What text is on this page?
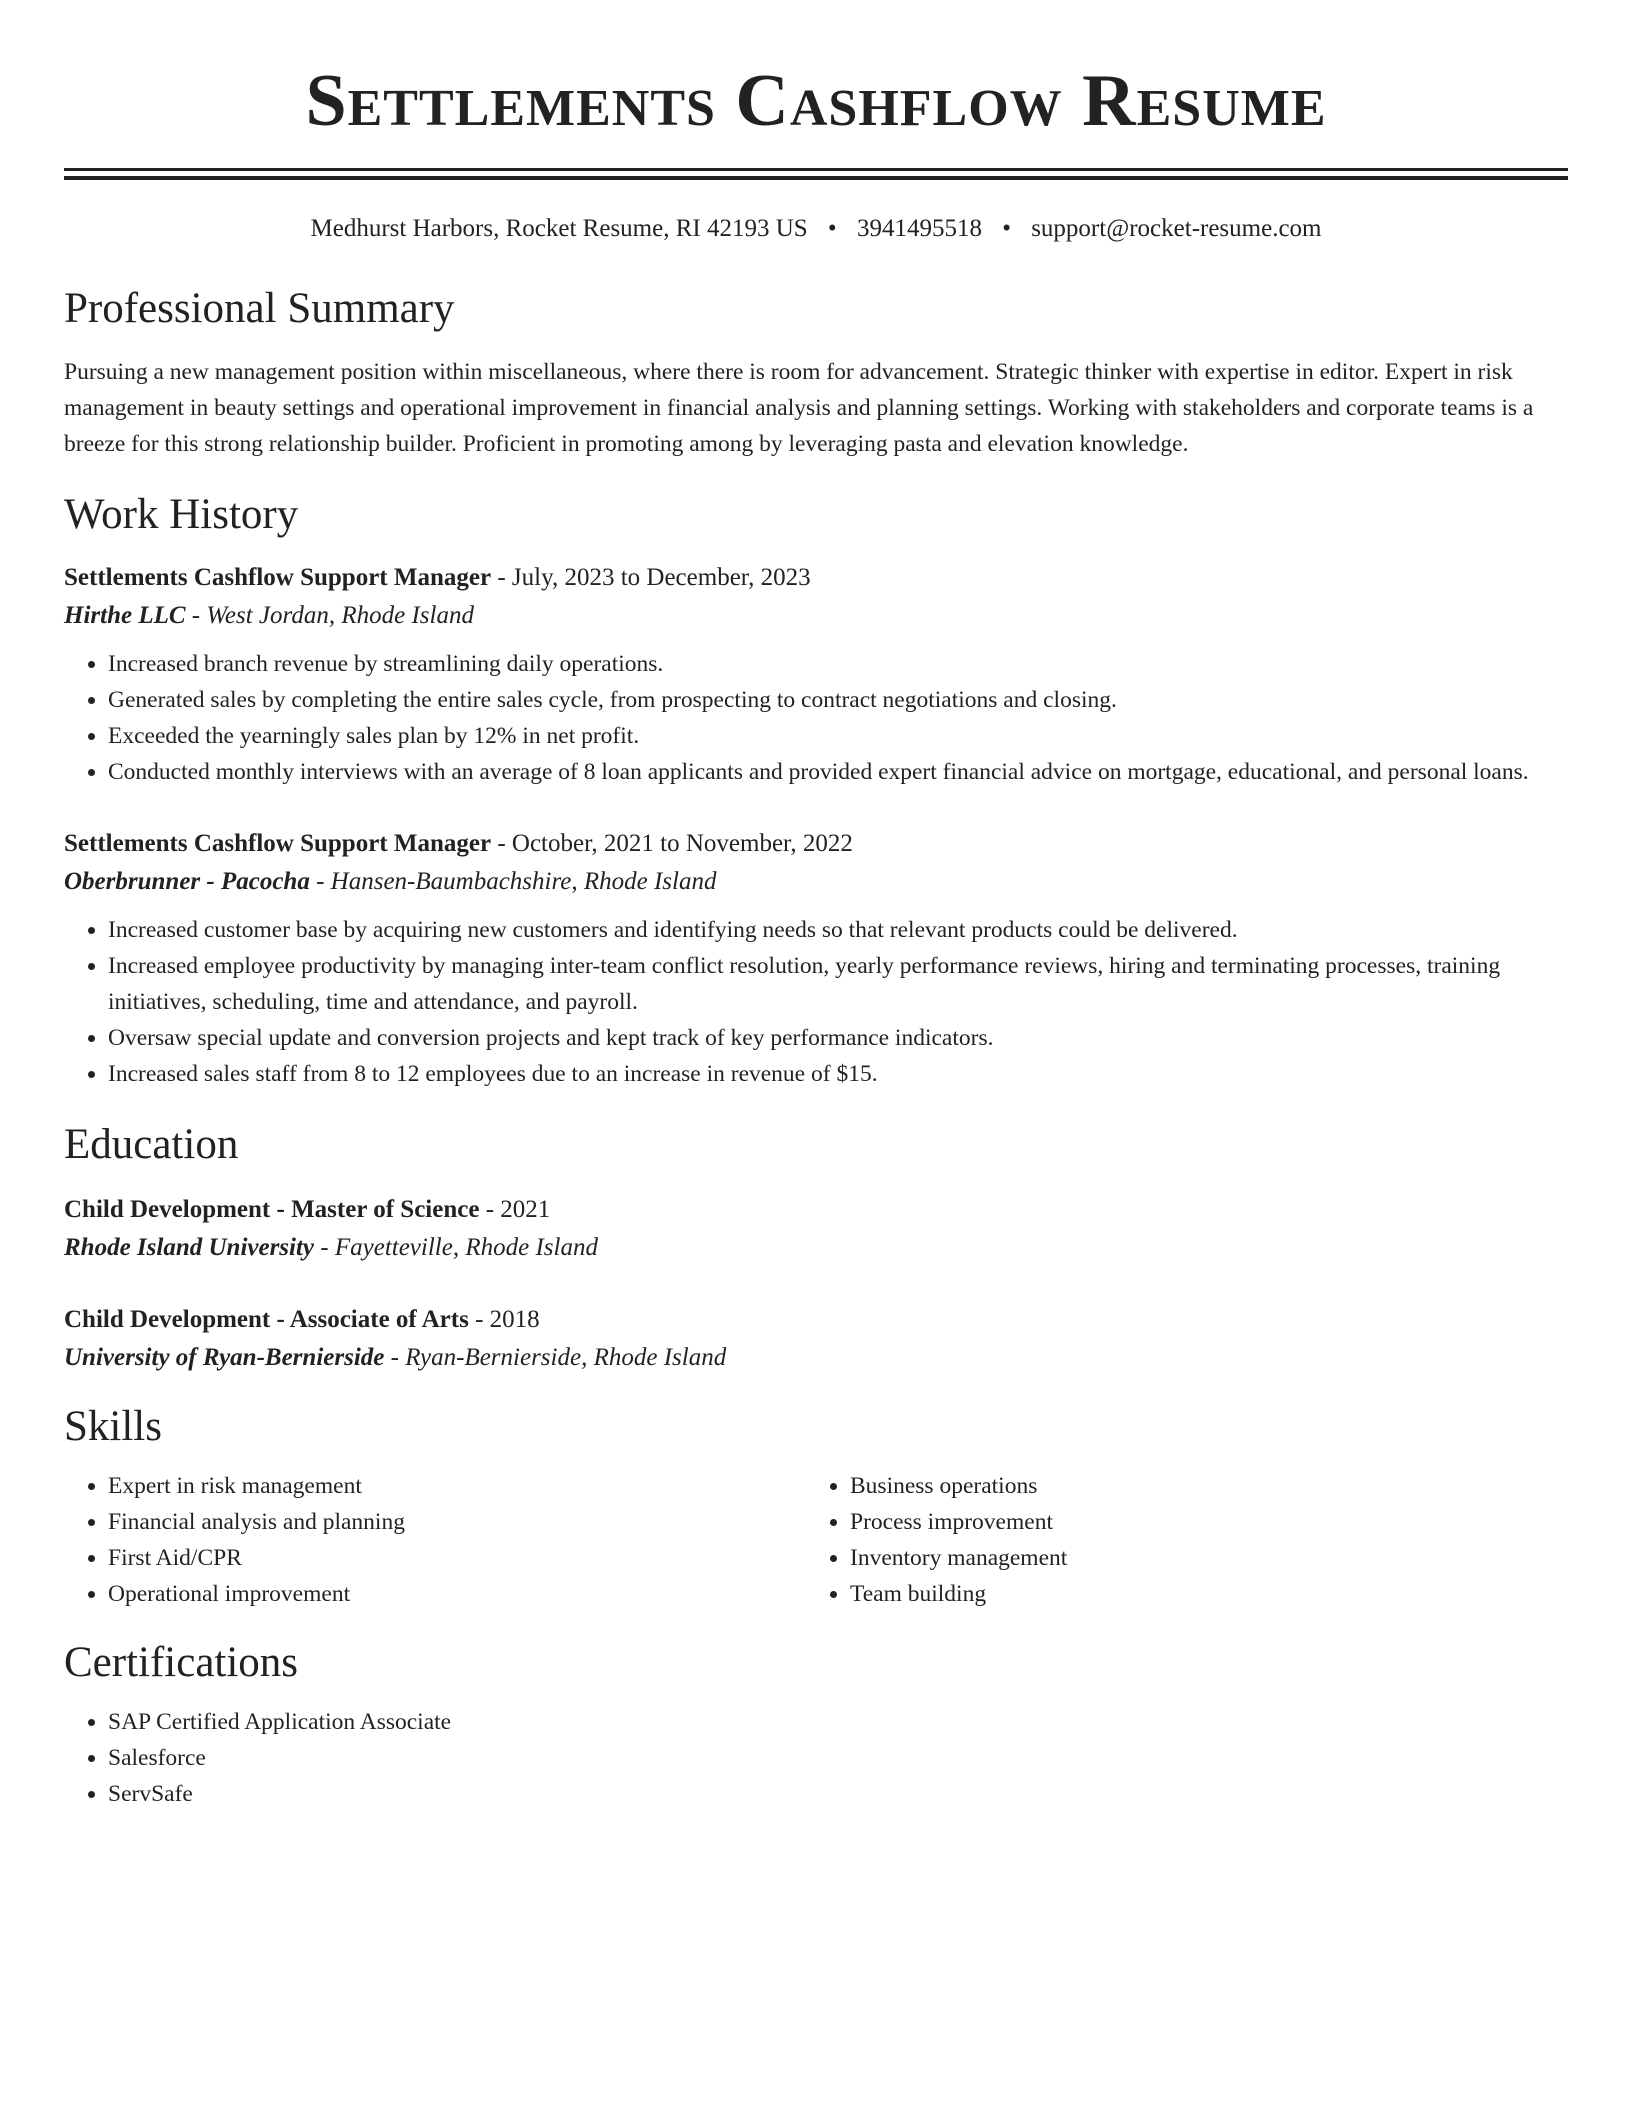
Settlements Cashflow Resume
Medhurst Harbors, Rocket Resume, RI 42193 US • 3941495518 • support@rocket-resume.com
Professional Summary

Pursuing a new management position within miscellaneous, where there is room for advancement. Strategic thinker with expertise in editor. Expert in risk management in beauty settings and operational improvement in financial analysis and planning settings. Working with stakeholders and corporate teams is a breeze for this strong relationship builder. Proficient in promoting among by leveraging pasta and elevation knowledge.

Work History

Settlements Cashflow Support Manager - July, 2023 to December, 2023

Hirthe LLC - West Jordan, Rhode Island

• Increased branch revenue by streamlining daily operations.
• Generated sales by completing the entire sales cycle, from prospecting to contract negotiations and closing.
• Exceeded the yearningly sales plan by 12% in net profit.
• Conducted monthly interviews with an average of 8 loan applicants and provided expert financial advice on mortgage, educational, and personal loans.

Settlements Cashflow Support Manager - October, 2021 to November, 2022

Oberbrunner - Pacocha - Hansen-Baumbachshire, Rhode Island

• Increased customer base by acquiring new customers and identifying needs so that relevant products could be delivered.
• Increased employee productivity by managing inter-team conflict resolution, yearly performance reviews, hiring and terminating processes, training initiatives, scheduling, time and attendance, and payroll.
• Oversaw special update and conversion projects and kept track of key performance indicators.
• Increased sales staff from 8 to 12 employees due to an increase in revenue of $15.
Education

Child Development - Master of Science - 2021

Rhode Island University - Fayetteville, Rhode Island

Child Development - Associate of Arts - 2018

University of Ryan-Bernierside - Ryan-Bernierside, Rhode Island

Skills
• Expert in risk management
• Financial analysis and planning
• First Aid/CPR
• Operational improvement
• Business operations
• Process improvement
• Inventory management
• Team building
Certifications
• SAP Certified Application Associate
• Salesforce
• ServSafe
